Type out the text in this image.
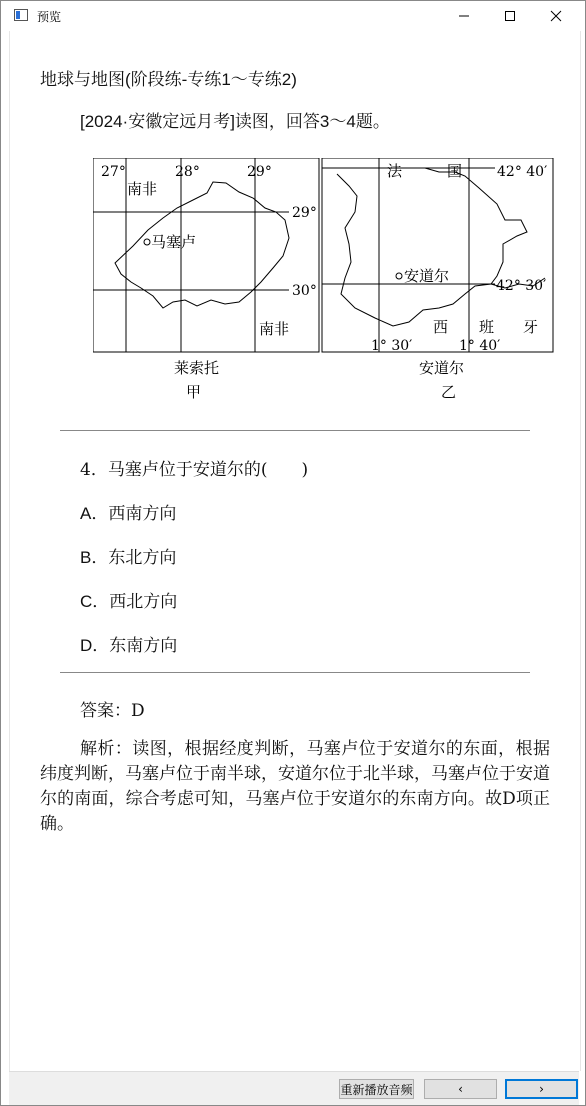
预览
地球与地图(阶段练-专练1～专练2)
[2024·安徽定远月考]读图，回答3～4题。
27°	28°	29°
29°
30°
南非
南非
马塞卢
莱索托
甲
法	国 42° 40′
42° 30′
安道尔
西 班 牙
1° 30′	1° 40′
安道尔
乙
4．马塞卢位于安道尔的(　　)
A．西南方向
B．东北方向
C．西北方向
D．东南方向
答案：D
解析：读图，根据经度判断，马塞卢位于安道尔的东面，根据纬度判断，马塞卢位于南半球，安道尔位于北半球，马塞卢位于安道尔的南面，综合考虑可知，马塞卢位于安道尔的东南方向。故D项正确。
重新播放音频	‹	›
